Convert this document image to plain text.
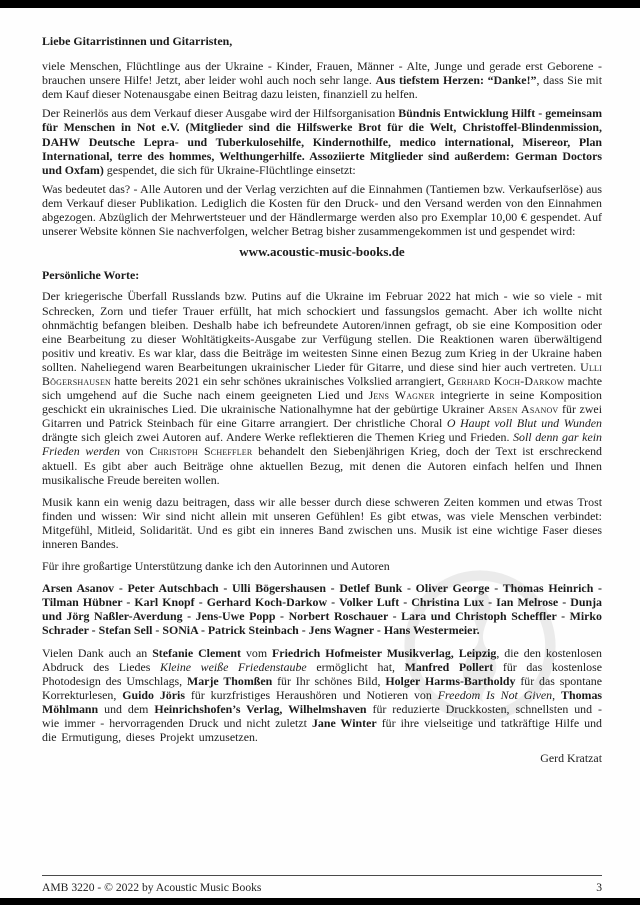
Liebe Gitarristinnen und Gitarristen,

viele Menschen, Flüchtlinge aus der Ukraine - Kinder, Frauen, Männer - Alte, Junge und gerade erst Geborene - brauchen unsere Hilfe! Jetzt, aber leider wohl auch noch sehr lange. Aus tiefstem Herzen: “Danke!”, dass Sie mit dem Kauf dieser Notenausgabe einen Beitrag dazu leisten, finanziell zu helfen.

Der Reinerlös aus dem Verkauf dieser Ausgabe wird der Hilfsorganisation Bündnis Entwicklung Hilft - gemeinsam für Menschen in Not e.V. (Mitglieder sind die Hilfswerke Brot für die Welt, Christoffel-Blindenmission, DAHW Deutsche Lepra- und Tuberkulosehilfe, Kindernothilfe, medico international, Misereor, Plan International, terre des hommes, Welthungerhilfe. Assoziierte Mitglieder sind außerdem: German Doctors und Oxfam) gespendet, die sich für Ukraine-Flüchtlinge einsetzt:

Was bedeutet das? - Alle Autoren und der Verlag verzichten auf die Einnahmen (Tantiemen bzw. Verkaufserlöse) aus dem Verkauf dieser Publikation. Lediglich die Kosten für den Druck- und den Versand werden von den Einnahmen abgezogen. Abzüglich der Mehrwertsteuer und der Händlermarge werden also pro Exemplar 10,00 € gespendet. Auf unserer Website können Sie nachverfolgen, welcher Betrag bisher zusammengekommen ist und gespendet wird:

www.acoustic-music-books.de

Persönliche Worte:

Der kriegerische Überfall Russlands bzw. Putins auf die Ukraine im Februar 2022 hat mich - wie so viele - mit Schrecken, Zorn und tiefer Trauer erfüllt, hat mich schockiert und fassungslos gemacht. Aber ich wollte nicht ohnmächtig befangen bleiben. Deshalb habe ich befreundete Autoren/innen gefragt, ob sie eine Komposition oder eine Bearbeitung zu dieser Wohltätigkeits-Ausgabe zur Verfügung stellen. Die Reaktionen waren überwältigend positiv und kreativ. Es war klar, dass die Beiträge im weitesten Sinne einen Bezug zum Krieg in der Ukraine haben sollten. Naheliegend waren Bearbeitungen ukrainischer Lieder für Gitarre, und diese sind hier auch vertreten. Ulli Bögershausen hatte bereits 2021 ein sehr schönes ukrainisches Volkslied arrangiert, Gerhard Koch-Darkow machte sich umgehend auf die Suche nach einem geeigneten Lied und Jens Wagner integrierte in seine Komposition geschickt ein ukrainisches Lied. Die ukrainische Nationalhymne hat der gebürtige Ukrainer Arsen Asanov für zwei Gitarren und Patrick Steinbach für eine Gitarre arrangiert. Der christliche Choral O Haupt voll Blut und Wunden drängte sich gleich zwei Autoren auf. Andere Werke reflektieren die Themen Krieg und Frieden. Soll denn gar kein Frieden werden von Christoph Scheffler behandelt den Siebenjährigen Krieg, doch der Text ist erschreckend aktuell. Es gibt aber auch Beiträge ohne aktuellen Bezug, mit denen die Autoren einfach helfen und Ihnen musikalische Freude bereiten wollen.

Musik kann ein wenig dazu beitragen, dass wir alle besser durch diese schweren Zeiten kommen und etwas Trost finden und wissen: Wir sind nicht allein mit unseren Gefühlen! Es gibt etwas, was viele Menschen verbindet: Mitgefühl, Mitleid, Solidarität. Und es gibt ein inneres Band zwischen uns. Musik ist eine wichtige Faser dieses inneren Bandes.

Für ihre großartige Unterstützung danke ich den Autorinnen und Autoren

Arsen Asanov - Peter Autschbach - Ulli Bögershausen - Detlef Bunk - Oliver George - Thomas Heinrich - Tilman Hübner - Karl Knopf - Gerhard Koch-Darkow - Volker Luft - Christina Lux - Ian Melrose - Dunja und Jörg Naßler-Averdung - Jens-Uwe Popp - Norbert Roschauer - Lara und Christoph Scheffler - Mirko Schrader - Stefan Sell - SONiA - Patrick Steinbach - Jens Wagner - Hans Westermeier.

Vielen Dank auch an Stefanie Clement vom Friedrich Hofmeister Musikverlag, Leipzig, die den kostenlosen Abdruck des Liedes Kleine weiße Friedenstaube ermöglicht hat, Manfred Pollert für das kostenlose Photodesign des Umschlags, Marje Thomßen für Ihr schönes Bild, Holger Harms-Bartholdy für das spontane Korrekturlesen, Guido Jöris für kurzfristiges Heraushören und Notieren von Freedom Is Not Given, Thomas Möhlmann und dem Heinrichshofen’s Verlag, Wilhelmshaven für reduzierte Druckkosten, schnellsten und - wie immer - hervorragenden Druck und nicht zuletzt Jane Winter für ihre vielseitige und tatkräftige Hilfe und die Ermutigung, dieses Projekt umzusetzen.

Gerd Kratzat

AMB 3220 - © 2022 by Acoustic Music Books	3
